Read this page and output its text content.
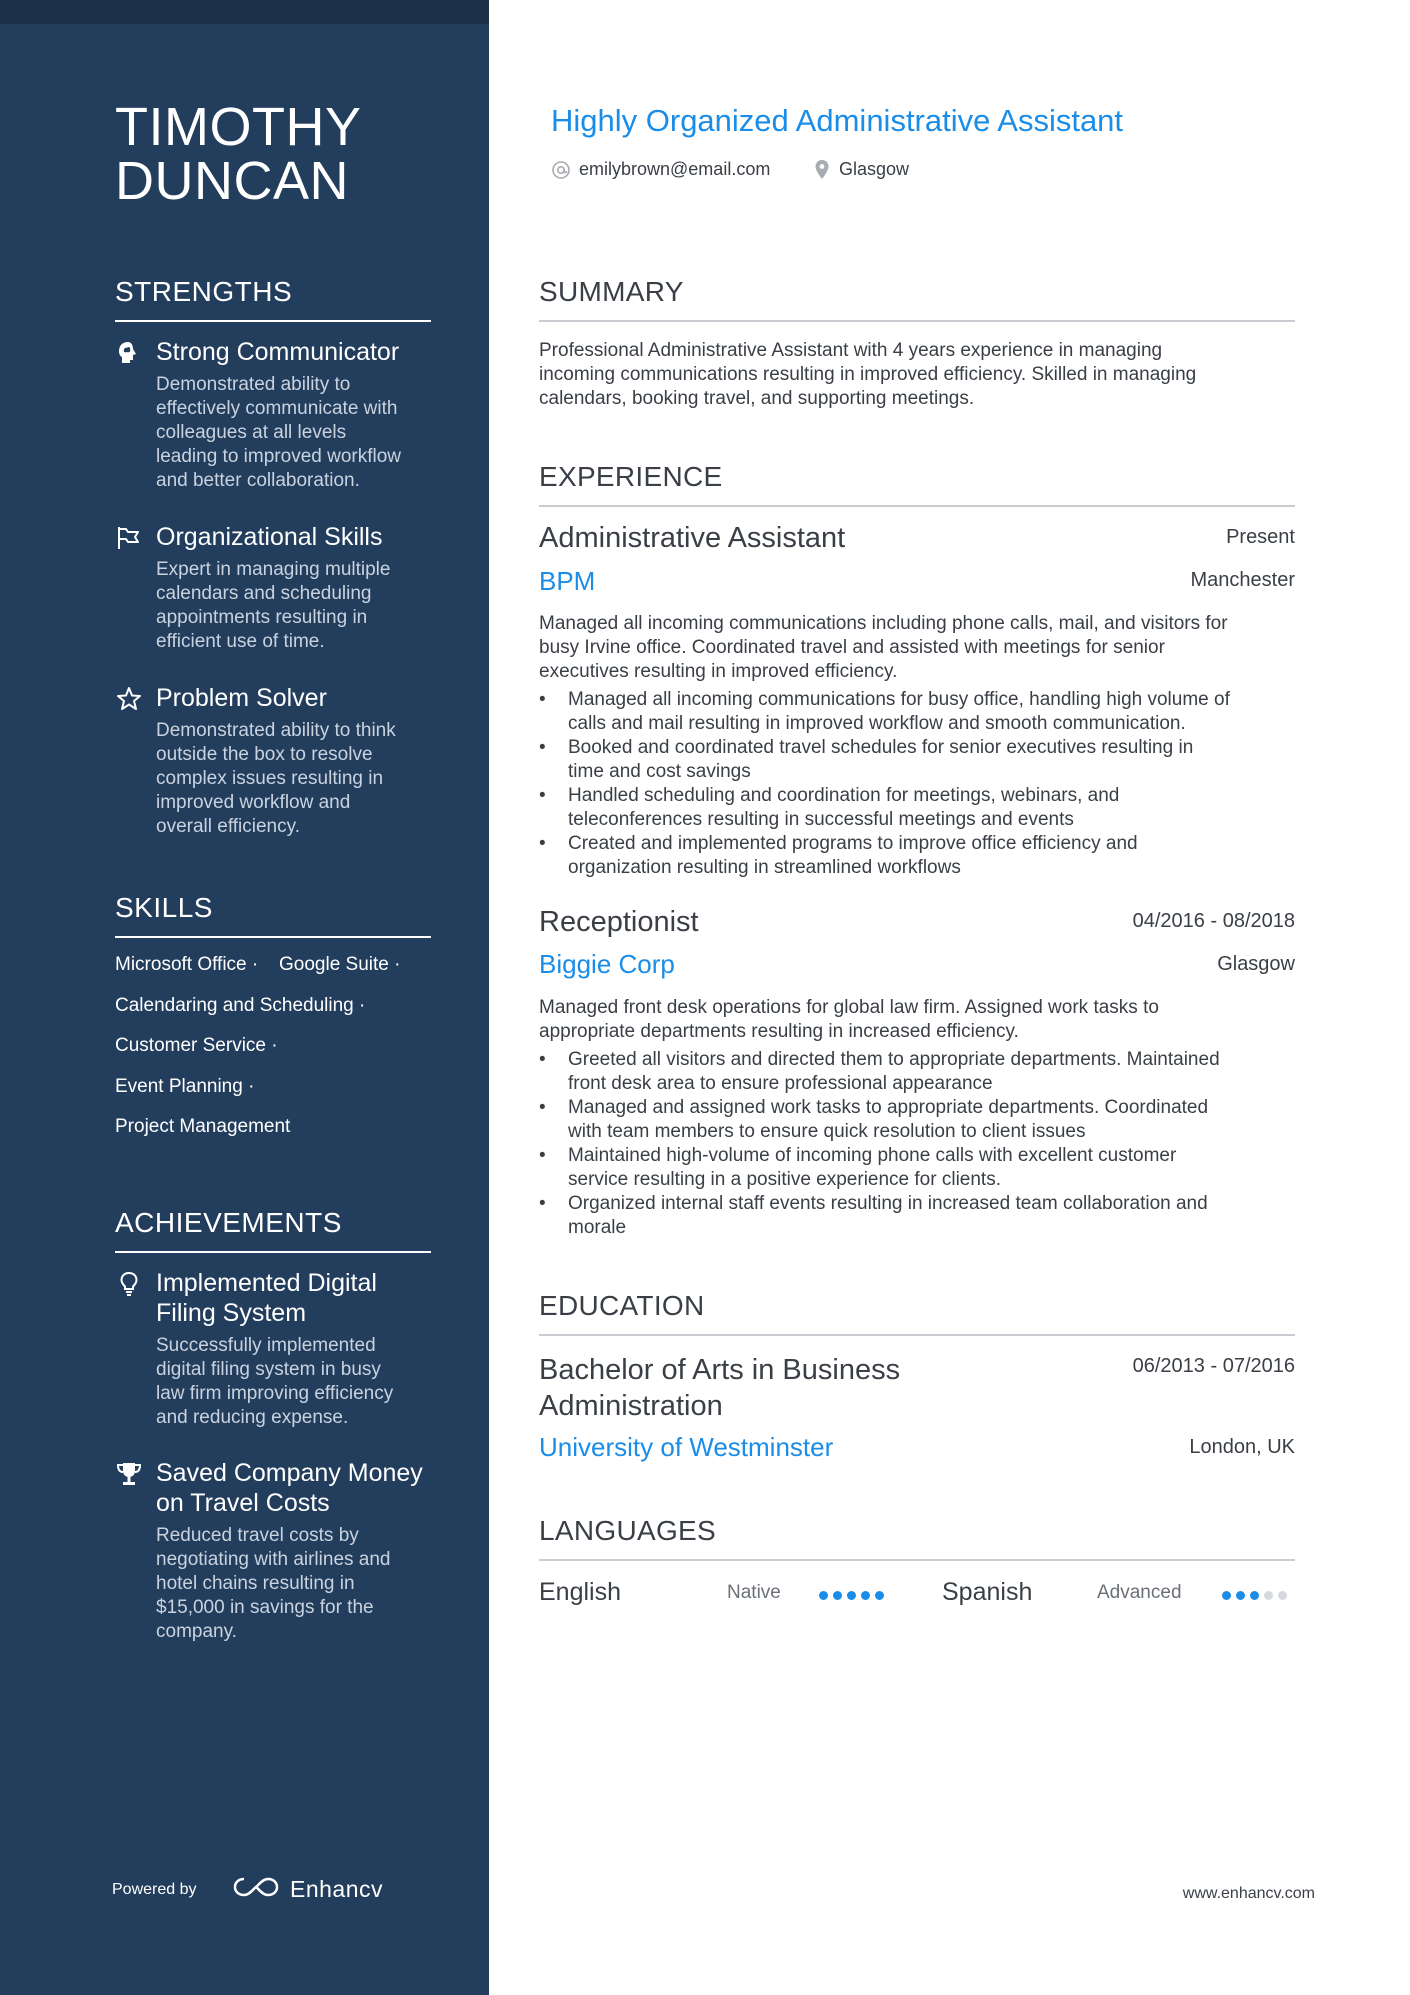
TIMOTHY
DUNCAN
STRENGTHS
Strong Communicator
Demonstrated ability to
effectively communicate with
colleagues at all levels
leading to improved workflow
and better collaboration.
Organizational Skills
Expert in managing multiple
calendars and scheduling
appointments resulting in
efficient use of time.
Problem Solver
Demonstrated ability to think
outside the box to resolve
complex issues resulting in
improved workflow and
overall efficiency.
SKILLS
Microsoft Office · Google Suite ·
Calendaring and Scheduling ·
Customer Service ·
Event Planning ·
Project Management
ACHIEVEMENTS
Implemented Digital
Filing System
Successfully implemented
digital filing system in busy
law firm improving efficiency
and reducing expense.
Saved Company Money
on Travel Costs
Reduced travel costs by
negotiating with airlines and
hotel chains resulting in
$15,000 in savings for the
company.
Powered by	Enhancv
Highly Organized Administrative Assistant
emilybrown@email.com	Glasgow
SUMMARY
Professional Administrative Assistant with 4 years experience in managing
incoming communications resulting in improved efficiency. Skilled in managing
calendars, booking travel, and supporting meetings.
EXPERIENCE
Administrative Assistant	Present
BPM	Manchester
Managed all incoming communications including phone calls, mail, and visitors for
busy Irvine office. Coordinated travel and assisted with meetings for senior
executives resulting in improved efficiency.
• Managed all incoming communications for busy office, handling high volume of
calls and mail resulting in improved workflow and smooth communication.
• Booked and coordinated travel schedules for senior executives resulting in
time and cost savings
• Handled scheduling and coordination for meetings, webinars, and
teleconferences resulting in successful meetings and events
• Created and implemented programs to improve office efficiency and
organization resulting in streamlined workflows
Receptionist	04/2016 - 08/2018
Biggie Corp	Glasgow
Managed front desk operations for global law firm. Assigned work tasks to
appropriate departments resulting in increased efficiency.
• Greeted all visitors and directed them to appropriate departments. Maintained
front desk area to ensure professional appearance
• Managed and assigned work tasks to appropriate departments. Coordinated
with team members to ensure quick resolution to client issues
• Maintained high-volume of incoming phone calls with excellent customer
service resulting in a positive experience for clients.
• Organized internal staff events resulting in increased team collaboration and
morale
EDUCATION
Bachelor of Arts in Business
Administration
06/2013 - 07/2016
University of Westminster	London, UK
LANGUAGES
English	Native	Spanish	Advanced
www.enhancv.com
